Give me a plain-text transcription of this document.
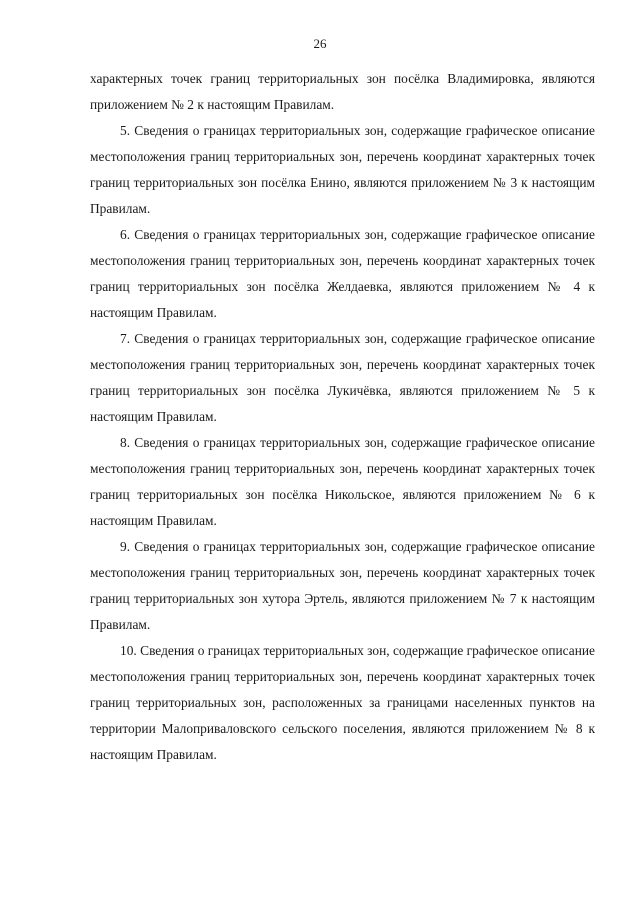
26

характерных точек границ территориальных зон посёлка Владимировка, являются приложением № 2 к настоящим Правилам.

5. Сведения о границах территориальных зон, содержащие графическое описание местоположения границ территориальных зон, перечень координат характерных точек границ территориальных зон посёлка Енино, являются приложением № 3 к настоящим Правилам.

6. Сведения о границах территориальных зон, содержащие графическое описание местоположения границ территориальных зон, перечень координат характерных точек границ территориальных зон посёлка Желдаевка, являются приложением № 4 к настоящим Правилам.

7. Сведения о границах территориальных зон, содержащие графическое описание местоположения границ территориальных зон, перечень координат характерных точек границ территориальных зон посёлка Лукичёвка, являются приложением № 5 к настоящим Правилам.

8. Сведения о границах территориальных зон, содержащие графическое описание местоположения границ территориальных зон, перечень координат характерных точек границ территориальных зон посёлка Никольское, являются приложением № 6 к настоящим Правилам.

9. Сведения о границах территориальных зон, содержащие графическое описание местоположения границ территориальных зон, перечень координат характерных точек границ территориальных зон хутора Эртель, являются приложением № 7 к настоящим Правилам.

10. Сведения о границах территориальных зон, содержащие графическое описание местоположения границ территориальных зон, перечень координат характерных точек границ территориальных зон, расположенных за границами населенных пунктов на территории Малоприваловского сельского поселения, являются приложением № 8 к настоящим Правилам.
